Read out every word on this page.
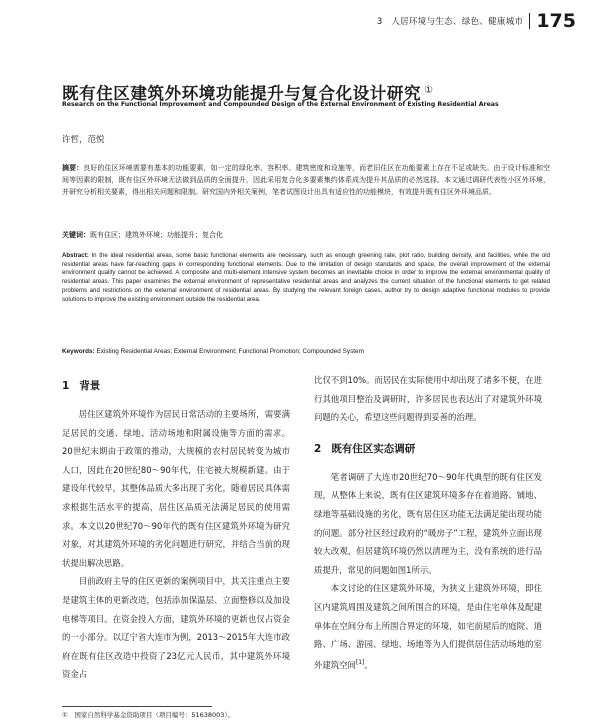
3　人居环境与生态、绿色、健康城市 175
既有住区建筑外环境功能提升与复合化设计研究 ①
Research on the Functional Improvement and Compounded Design of the External Environment of Existing Residential Areas
许哲，范悦
摘要：良好的住区环境需要有基本的功能要素，如一定的绿化率、容积率、建筑密度和设施等，而老旧住区在功能要素上存在不足或缺失。由于设计标准和空间等因素的限制，既有住区外环境无法做到品质的全面提升，因此采用复合化多要素集约体系成为提升其品质的必然选择。本文通过调研代表性小区外环境，并研究分析相关要素，得出相关问题和限制。研究国内外相关案例，笔者试图设计出具有适应性的功能模块，有效提升既有住区外环境品质。
关键词：既有住区；建筑外环境；功能提升；复合化
Abstract: In the ideal residential areas, some basic functional elements are necessary, such as enough greening rate, plot ratio, building density, and facilities, while the old residential areas have far-reaching gaps in corresponding functional elements. Due to the limitation of design standards and space, the overall improvement of the external environment quality cannot be achieved. A composite and multi-element intensive system becomes an inevitable choice in order to improve the external environmental quality of residential areas. This paper examines the external environment of representative residential areas and analyzes the current situation of the functional elements to get related problems and restrictions on the external environment of residential areas. By studying the relevant foreign cases, author try to design adaptive functional modules to provide solutions to improve the existing environment outside the residential area.
Keywords: Existing Residential Areas; External Environment; Functional Promotion; Compounded System
1 背景

居住区建筑外环境作为居民日常活动的主要场所，需要满足居民的交通、绿地、活动场地和附属设施等方面的需求。20世纪末期由于政策的推动，大规模的农村居民转变为城市人口，因此在20世纪80～90年代，住宅被大规模新建。由于建设年代较早，其整体品质大多出现了劣化，随着居民具体需求根据生活水平的提高，居住区品质无法满足居民的使用需求。本文以20世纪70～90年代的既有住区建筑外环境为研究对象，对其建筑外环境的劣化问题进行研究，并结合当前的现状提出解决思路。

目前政府主导的住区更新的案例项目中，其关注重点主要是建筑主体的更新改造，包括添加保温层、立面整修以及加设电梯等项目。在资金投入方面，建筑外环境的更新也仅占资金的一小部分。以辽宁省大连市为例，2013～2015年大连市政府在既有住区改造中投资了23亿元人民币，其中建筑外环境资金占

比仅不到10%。而居民在实际使用中却出现了诸多不便，在进行其他项目整治及调研时，许多居民也表达出了对建筑外环境问题的关心，希望这些问题得到妥善的治理。

2 既有住区实态调研

笔者调研了大连市20世纪70～90年代典型的既有住区发现，从整体上来说，既有住区建筑环境多存在着道路、铺地、绿地等基础设施的劣化，既有居住区功能无法满足能出现功能的问题。部分社区经过政府的“暖房子”工程，建筑外立面出现较大改观，但居建筑环境仍然以清理为主，没有系统的进行品质提升，常见的问题如图1所示。

本文讨论的住区建筑外环境，为狭义上建筑外环境，即住区内建筑周围及建筑之间所围合的环境，是由住宅单体及配建单体在空间分布上所围合界定的环境，如宅前屋后的庭院、道路、广场、游园、绿地、场地等为人们提供居住活动场地的室外建筑空间[1]。

①　国家自然科学基金资助项目（项目编号：51638003）。
